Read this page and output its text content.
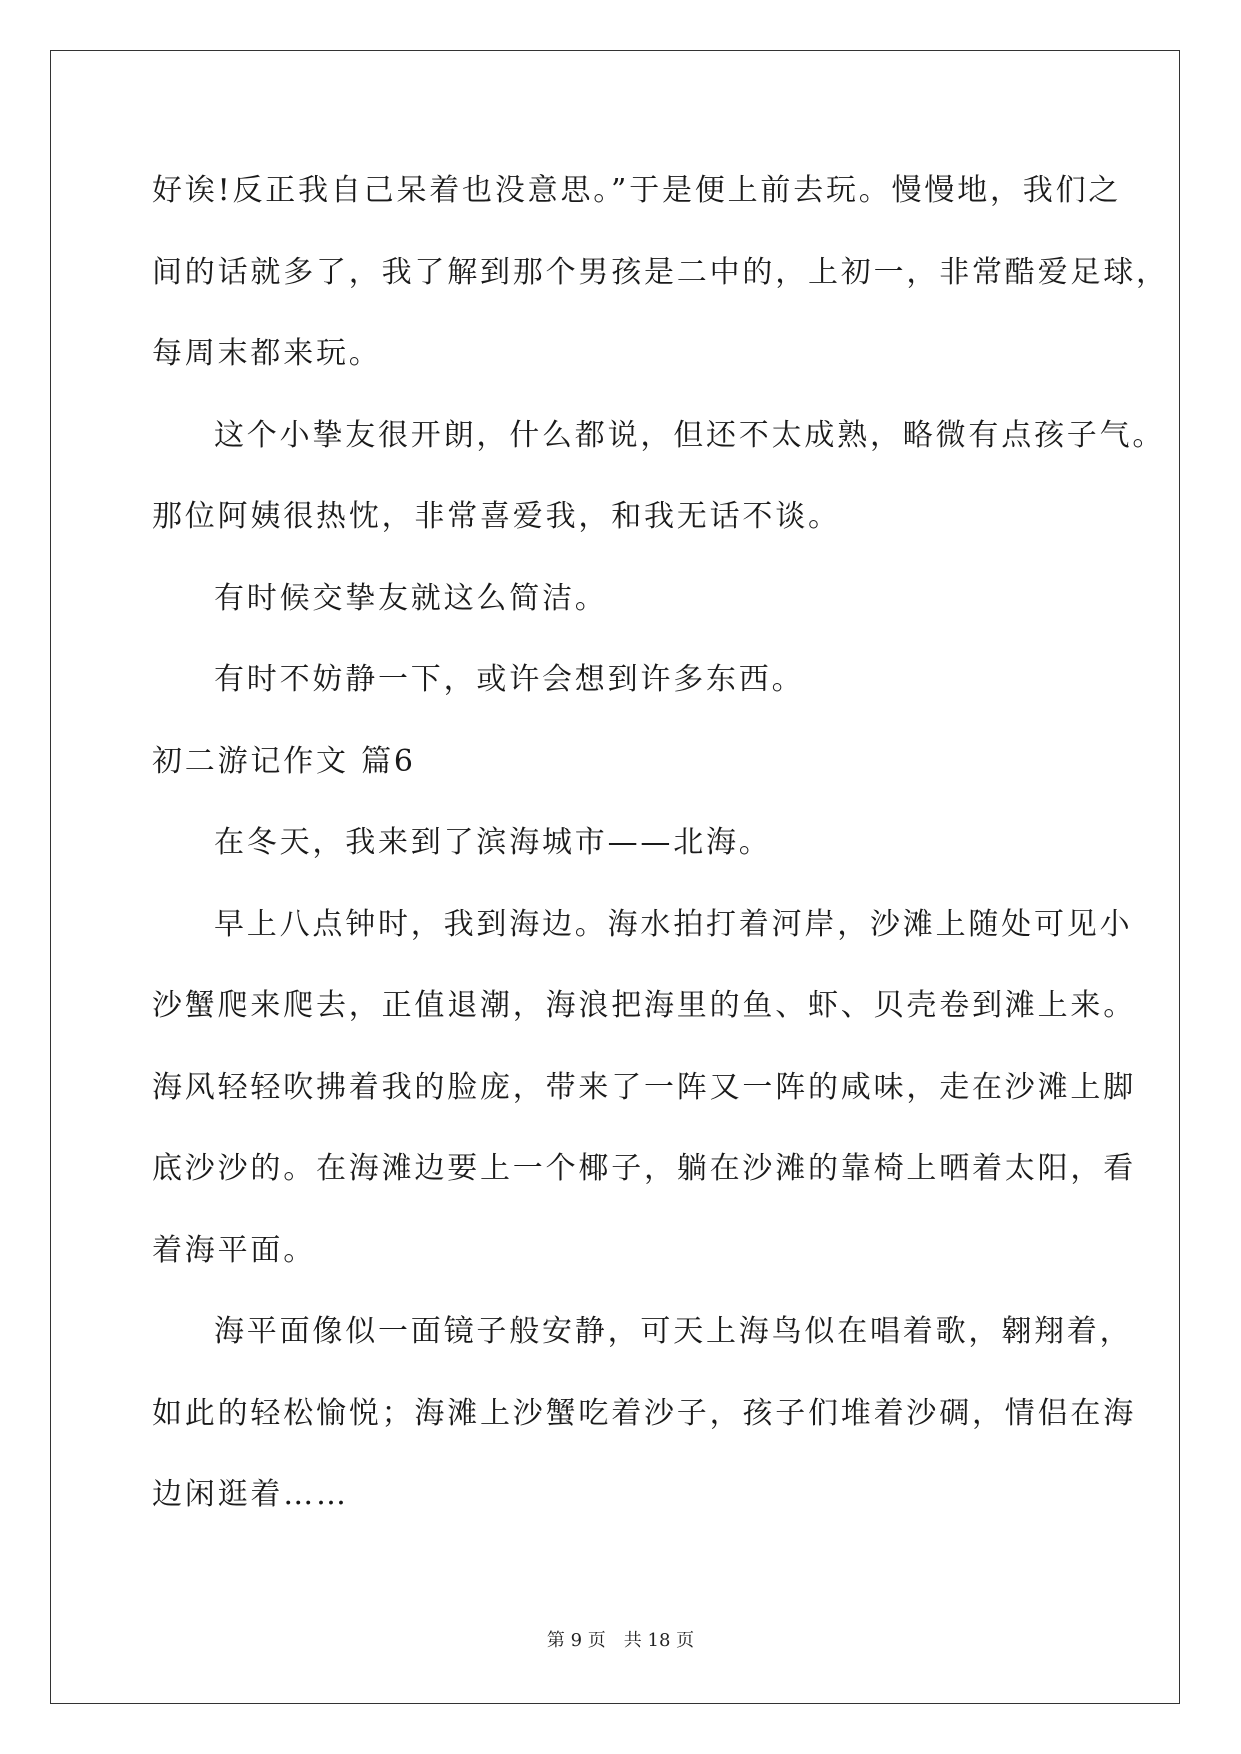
好诶!反正我自己呆着也没意思。”于是便上前去玩。慢慢地，我们之
间的话就多了，我了解到那个男孩是二中的，上初一，非常酷爱足球，
每周末都来玩。
这个小挚友很开朗，什么都说，但还不太成熟，略微有点孩子气。
那位阿姨很热忱，非常喜爱我，和我无话不谈。
有时候交挚友就这么简洁。
有时不妨静一下，或许会想到许多东西。
初二游记作文 篇6
在冬天，我来到了滨海城市——北海。
早上八点钟时，我到海边。海水拍打着河岸，沙滩上随处可见小
沙蟹爬来爬去，正值退潮，海浪把海里的鱼、虾、贝壳卷到滩上来。
海风轻轻吹拂着我的脸庞，带来了一阵又一阵的咸味，走在沙滩上脚
底沙沙的。在海滩边要上一个椰子，躺在沙滩的靠椅上晒着太阳，看
着海平面。
海平面像似一面镜子般安静，可天上海鸟似在唱着歌，翱翔着，
如此的轻松愉悦；海滩上沙蟹吃着沙子，孩子们堆着沙碉，情侣在海
边闲逛着……
第 9 页　共 18 页
